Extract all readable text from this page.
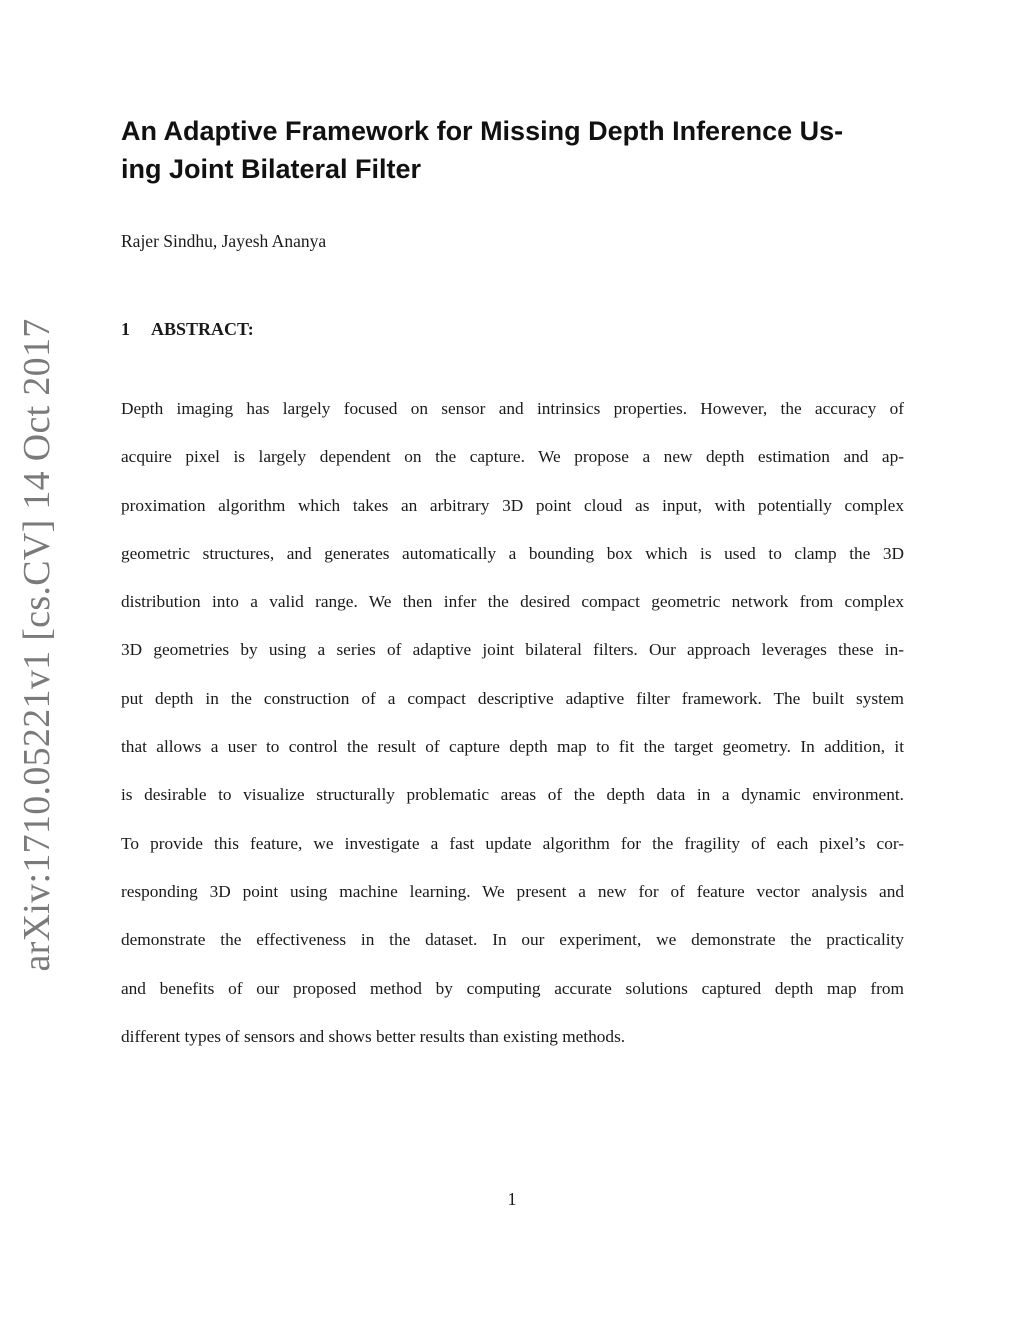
arXiv:1710.05221v1 [cs.CV] 14 Oct 2017
An Adaptive Framework for Missing Depth Inference Us-
ing Joint Bilateral Filter
Rajer Sindhu, Jayesh Ananya
1 ABSTRACT:
Depth imaging has largely focused on sensor and intrinsics properties. However, the accuracy of
acquire pixel is largely dependent on the capture. We propose a new depth estimation and ap-
proximation algorithm which takes an arbitrary 3D point cloud as input, with potentially complex
geometric structures, and generates automatically a bounding box which is used to clamp the 3D
distribution into a valid range. We then infer the desired compact geometric network from complex
3D geometries by using a series of adaptive joint bilateral filters. Our approach leverages these in-
put depth in the construction of a compact descriptive adaptive filter framework. The built system
that allows a user to control the result of capture depth map to fit the target geometry. In addition, it
is desirable to visualize structurally problematic areas of the depth data in a dynamic environment.
To provide this feature, we investigate a fast update algorithm for the fragility of each pixel’s cor-
responding 3D point using machine learning. We present a new for of feature vector analysis and
demonstrate the effectiveness in the dataset. In our experiment, we demonstrate the practicality
and benefits of our proposed method by computing accurate solutions captured depth map from
different types of sensors and shows better results than existing methods.
1
